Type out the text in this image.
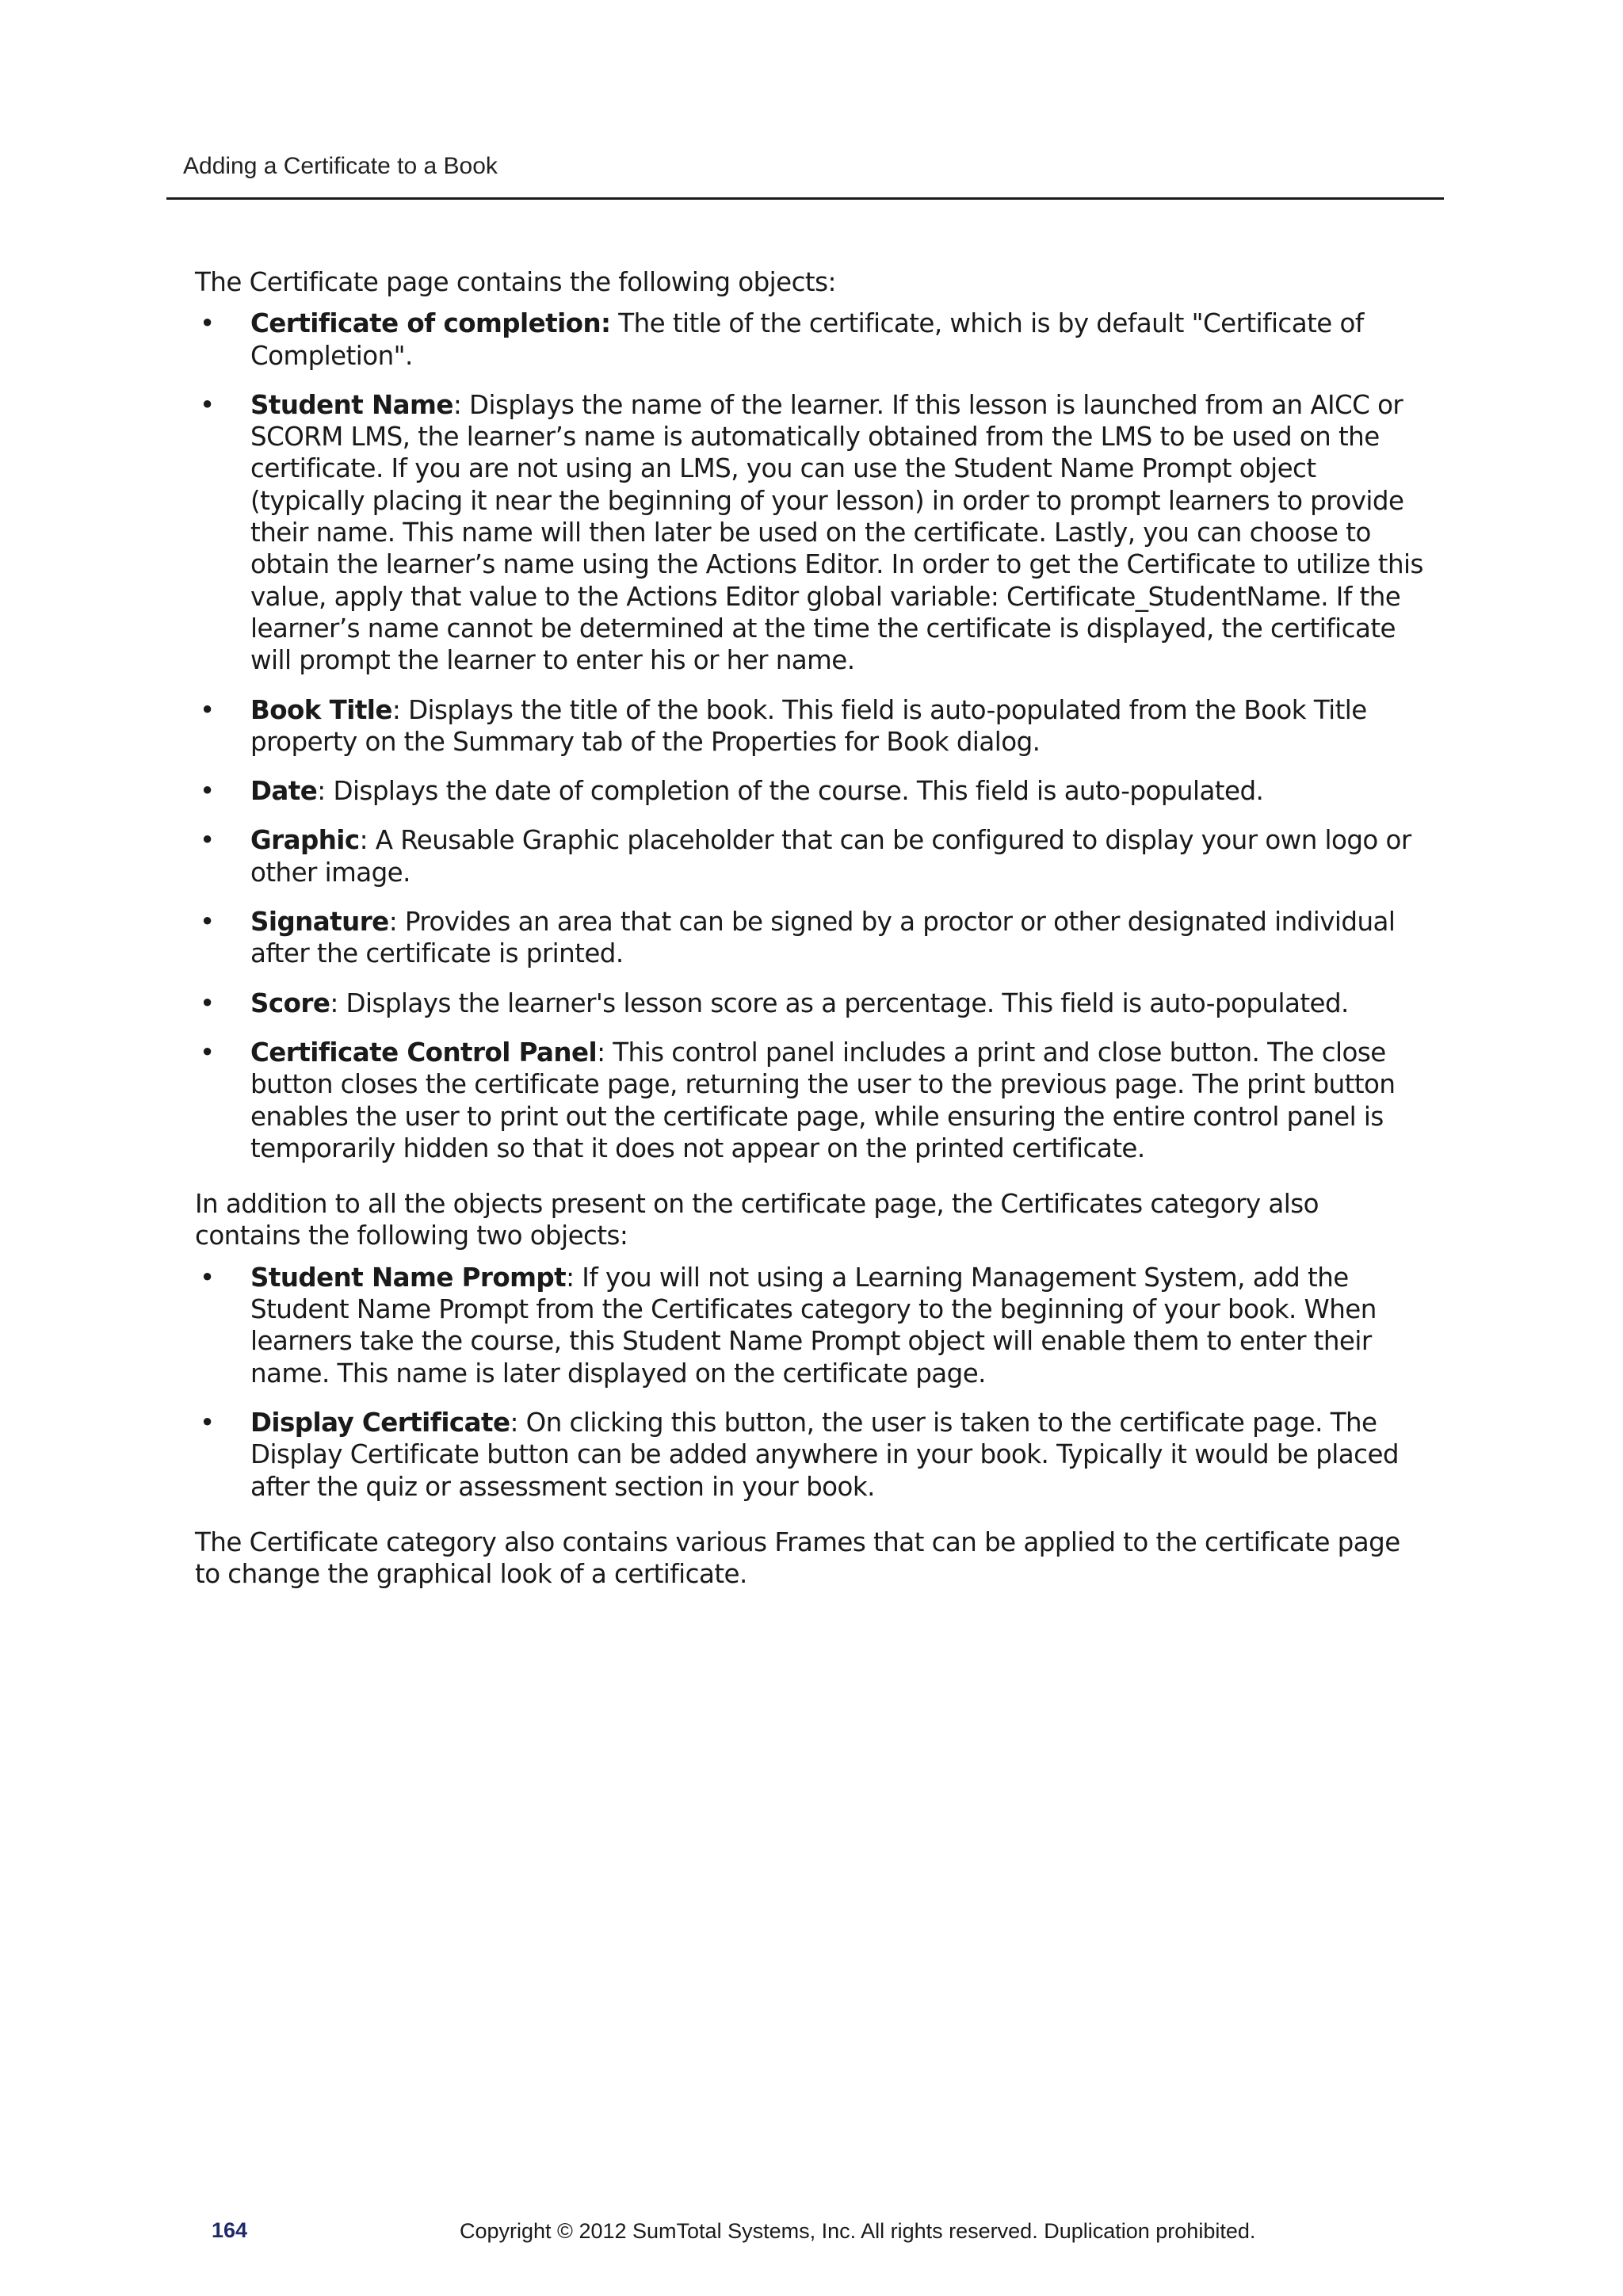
Adding a Certificate to a Book

The Certificate page contains the following objects:

• Certificate of completion: The title of the certificate, which is by default "Certificate of Completion".
• Student Name: Displays the name of the learner. If this lesson is launched from an AICC or SCORM LMS, the learner’s name is automatically obtained from the LMS to be used on the certificate. If you are not using an LMS, you can use the Student Name Prompt object (typically placing it near the beginning of your lesson) in order to prompt learners to provide their name. This name will then later be used on the certificate. Lastly, you can choose to obtain the learner’s name using the Actions Editor. In order to get the Certificate to utilize this value, apply that value to the Actions Editor global variable: Certificate_StudentName. If the learner’s name cannot be determined at the time the certificate is displayed, the certificate will prompt the learner to enter his or her name.
• Book Title: Displays the title of the book. This field is auto-populated from the Book Title property on the Summary tab of the Properties for Book dialog.
• Date: Displays the date of completion of the course. This field is auto-populated.
• Graphic: A Reusable Graphic placeholder that can be configured to display your own logo or other image.
• Signature: Provides an area that can be signed by a proctor or other designated individual after the certificate is printed.
• Score: Displays the learner's lesson score as a percentage. This field is auto-populated.
• Certificate Control Panel: This control panel includes a print and close button. The close button closes the certificate page, returning the user to the previous page. The print button enables the user to print out the certificate page, while ensuring the entire control panel is temporarily hidden so that it does not appear on the printed certificate.

In addition to all the objects present on the certificate page, the Certificates category also contains the following two objects:

• Student Name Prompt: If you will not using a Learning Management System, add the Student Name Prompt from the Certificates category to the beginning of your book. When learners take the course, this Student Name Prompt object will enable them to enter their name. This name is later displayed on the certificate page.
• Display Certificate: On clicking this button, the user is taken to the certificate page. The Display Certificate button can be added anywhere in your book. Typically it would be placed after the quiz or assessment section in your book.

The Certificate category also contains various Frames that can be applied to the certificate page to change the graphical look of a certificate.

164	Copyright © 2012 SumTotal Systems, Inc. All rights reserved. Duplication prohibited.
